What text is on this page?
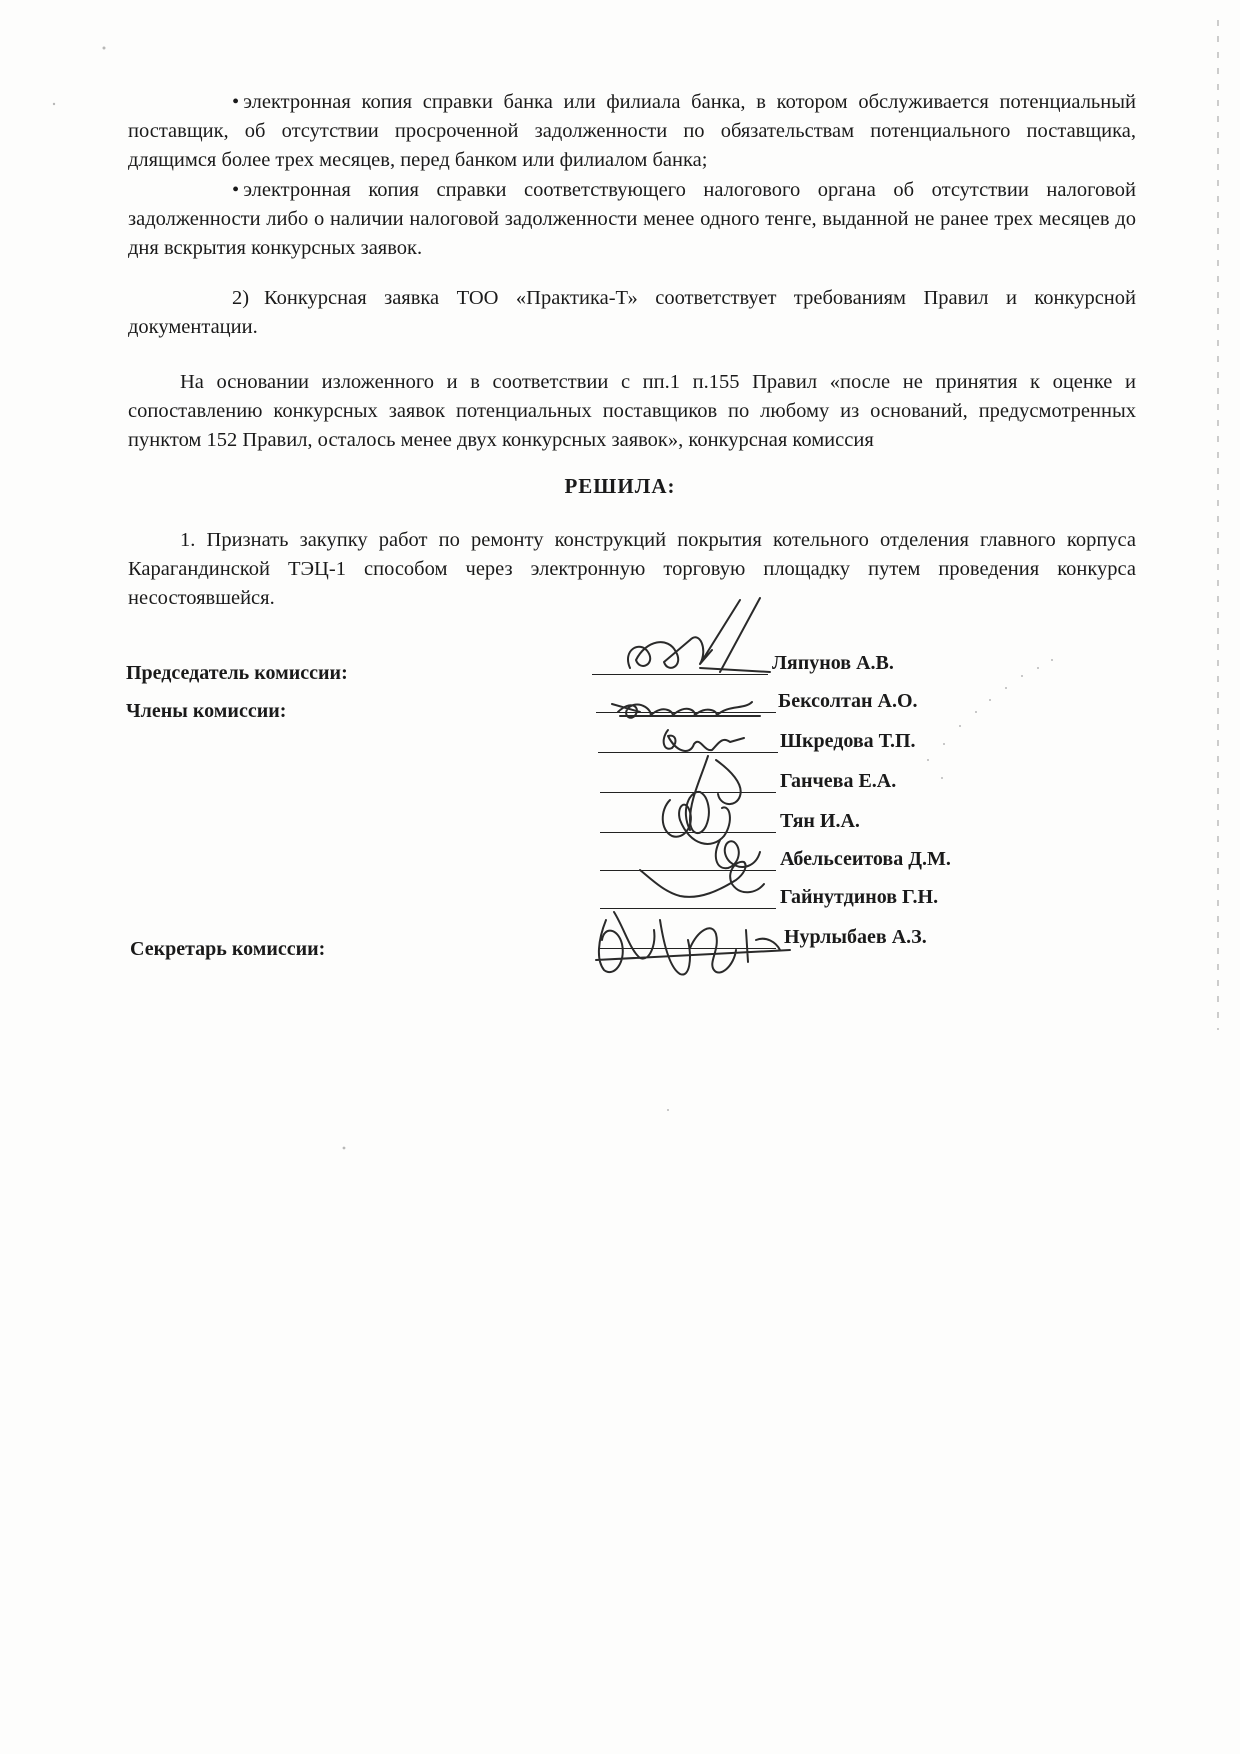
• электронная копия справки банка или филиала банка, в котором обслуживается потенциальный поставщик, об отсутствии просроченной задолженности по обязательствам потенциального поставщика, длящимся более трех месяцев, перед банком или филиалом банка;

• электронная копия справки соответствующего налогового органа об отсутствии налоговой задолженности либо о наличии налоговой задолженности менее одного тенге, выданной не ранее трех месяцев до дня вскрытия конкурсных заявок.

2) Конкурсная заявка ТОО «Практика-Т» соответствует требованиям Правил и конкурсной документации.

На основании изложенного и в соответствии с пп.1 п.155 Правил «после не принятия к оценке и сопоставлению конкурсных заявок потенциальных поставщиков по любому из оснований, предусмотренных пунктом 152 Правил, осталось менее двух конкурсных заявок», конкурсная комиссия

РЕШИЛА:

1. Признать закупку работ по ремонту конструкций покрытия котельного отделения главного корпуса Карагандинской ТЭЦ-1 способом через электронную торговую площадку путем проведения конкурса несостоявшейся.

Председатель комиссии:
Члены комиссии:
Секретарь комиссии:
Ляпунов А.В.
Бексолтан А.О.
Шкредова Т.П.
Ганчева Е.А.
Тян И.А.
Абельсеитова Д.М.
Гайнутдинов Г.Н.
Нурлыбаев А.З.
